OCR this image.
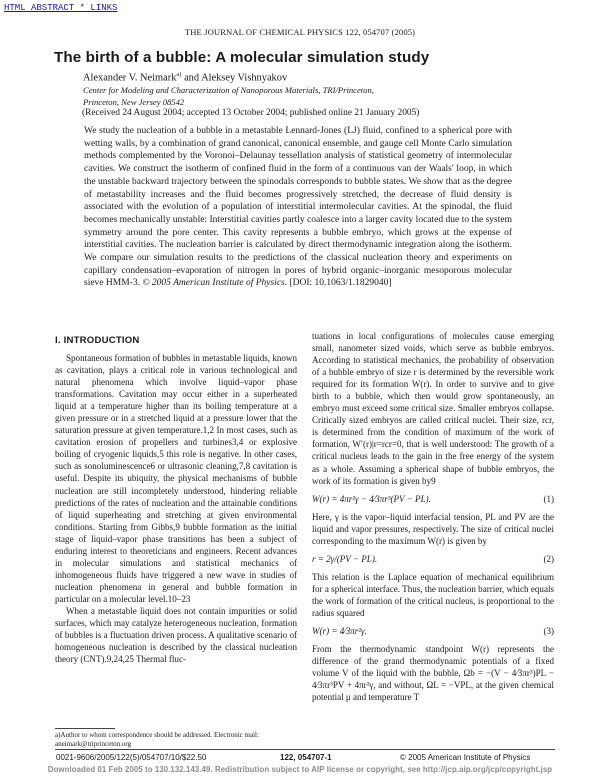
HTML ABSTRACT * LINKS
THE JOURNAL OF CHEMICAL PHYSICS 122, 054707 (2005)
The birth of a bubble: A molecular simulation study
Alexander V. Neimark$^{a)}$ and Aleksey Vishnyakov
Center for Modeling and Characterization of Nanoporous Materials, TRI/Princeton,
Princeton, New Jersey 08542
(Received 24 August 2004; accepted 13 October 2004; published online 21 January 2005)
We study the nucleation of a bubble in a metastable Lennard-Jones (LJ) fluid, confined to a spherical pore with wetting walls, by a combination of grand canonical, canonical ensemble, and gauge cell Monte Carlo simulation methods complemented by the Voronoi–Delaunay tessellation analysis of statistical geometry of intermolecular cavities. We construct the isotherm of confined fluid in the form of a continuous van der Waals' loop, in which the unstable backward trajectory between the spinodals corresponds to bubble states. We show that as the degree of metastability increases and the fluid becomes progressively stretched, the decrease of fluid density is associated with the evolution of a population of interstitial intermolecular cavities. At the spinodal, the fluid becomes mechanically unstable: Interstitial cavities partly coalesce into a larger cavity located due to the system symmetry around the pore center. This cavity represents a bubble embryo, which grows at the expense of interstitial cavities. The nucleation barrier is calculated by direct thermodynamic integration along the isotherm. We compare our simulation results to the predictions of the classical nucleation theory and experiments on capillary condensation–evaporation of nitrogen in pores of hybrid organic–inorganic mesoporous molecular sieve HMM-3. © 2005 American Institute of Physics. [DOI: 10.1063/1.1829040]
I. INTRODUCTION

Spontaneous formation of bubbles in metastable liquids, known as cavitation, plays a critical role in various technological and natural phenomena which involve liquid–vapor phase transformations. Cavitation may occur either in a superheated liquid at a temperature higher than its boiling temperature at a given pressure or in a stretched liquid at a pressure lower that the saturation pressure at given temperature.1,2 In most cases, such as cavitation erosion of propellers and turbines3,4 or explosive boiling of cryogenic liquids,5 this role is negative. In other cases, such as sonoluminescence6 or ultrasonic cleaning,7,8 cavitation is useful. Despite its ubiquity, the physical mechanisms of bubble nucleation are still incompletely understood, hindering reliable predictions of the rates of nucleation and the attainable conditions of liquid superheating and stretching at given environmental conditions. Starting from Gibbs,9 bubble formation as the initial stage of liquid–vapor phase transitions has been a subject of enduring interest to theoreticians and engineers. Recent advances in molecular simulations and statistical mechanics of inhomogeneous fluids have triggered a new wave in studies of nucleation phenomena in general and bubble formation in particular on a molecular level.10–23

When a metastable liquid does not contain impurities or solid surfaces, which may catalyze heterogeneous nucleation, formation of bubbles is a fluctuation driven process. A qualitative scenario of homogeneous nucleation is described by the classical nucleation theory (CNT).9,24,25 Thermal fluc-

tuations in local configurations of molecules cause emerging small, nanometer sized voids, which serve as bubble embryos. According to statistical mechanics, the probability of observation of a bubble embryo of size r is determined by the reversible work required for its formation W(r). In order to survive and to give birth to a bubble, which then would grow spontaneously, an embryo must exceed some critical size. Smaller embryos collapse. Critically sized embryos are called critical nuclei. Their size, rcr, is determined from the condition of maximum of the work of formation, W′(r)|r=rcr=0, that is well understood: The growth of a critical nucleus leads to the gain in the free energy of the system as a whole. Assuming a spherical shape of bubble embryos, the work of its formation is given by9

W(r) = 4πr²γ − 4⁄3πr³(PV − PL).	(1)

Here, γ is the vapor–liquid interfacial tension, PL and PV are the liquid and vapor pressures, respectively. The size of critical nuclei corresponding to the maximum W(r) is given by

r = 2γ/(PV − PL).	(2)

This relation is the Laplace equation of mechanical equilibrium for a spherical interface. Thus, the nucleation barrier, which equals the work of formation of the critical nucleus, is proportional to the radius squared

W(r) = 4⁄3πr²γ.	(3)

From the thermodynamic standpoint W(r) represents the difference of the grand thermodynamic potentials of a fixed volume V of the liquid with the bubble, Ωb = −(V − 4⁄3πr³)PL − 4⁄3πr³PV + 4πr²γ, and without, ΩL = −VPL, at the given chemical potential μ and temperature T

a)Author to whom correspondence should be addressed. Electronic mail: aneimark@triprinceton.org
0021-9606/2005/122(5)/054707/10/$22.50	122, 054707-1	© 2005 American Institute of Physics
Downloaded 01 Feb 2005 to 130.132.143.49. Redistribution subject to AIP license or copyright, see http://jcp.aip.org/jcp/copyright.jsp
